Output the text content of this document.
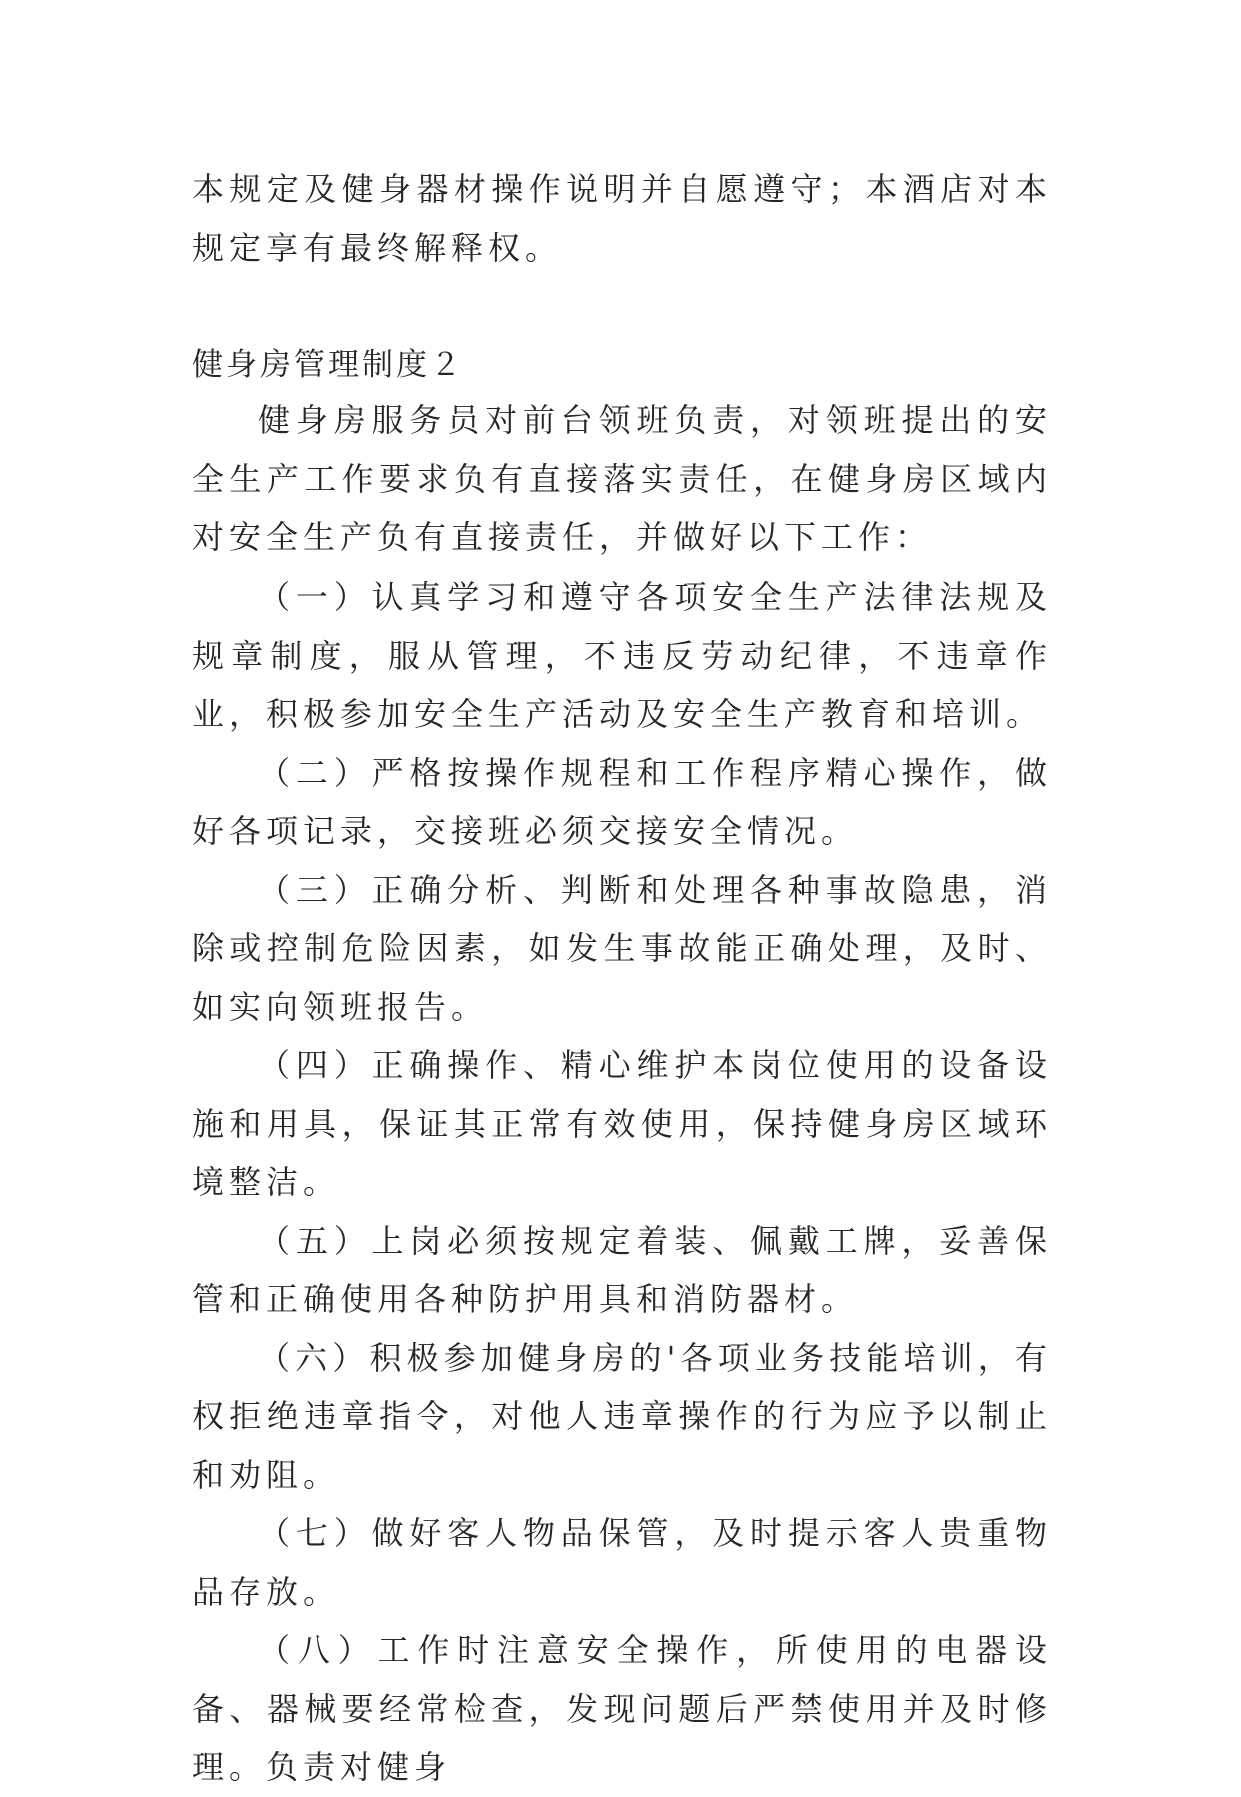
本规定及健身器材操作说明并自愿遵守；本酒店对本规定享有最终解释权。

健身房管理制度２

健身房服务员对前台领班负责，对领班提出的安全生产工作要求负有直接落实责任，在健身房区域内对安全生产负有直接责任，并做好以下工作：

（一）认真学习和遵守各项安全生产法律法规及规章制度，服从管理，不违反劳动纪律，不违章作业，积极参加安全生产活动及安全生产教育和培训。

（二）严格按操作规程和工作程序精心操作，做好各项记录，交接班必须交接安全情况。

（三）正确分析、判断和处理各种事故隐患，消除或控制危险因素，如发生事故能正确处理，及时、如实向领班报告。

（四）正确操作、精心维护本岗位使用的设备设施和用具，保证其正常有效使用，保持健身房区域环境整洁。

（五）上岗必须按规定着装、佩戴工牌，妥善保管和正确使用各种防护用具和消防器材。

（六）积极参加健身房的'各项业务技能培训，有权拒绝违章指令，对他人违章操作的行为应予以制止和劝阻。

（七）做好客人物品保管，及时提示客人贵重物品存放。

（八）工作时注意安全操作，所使用的电器设备、器械要经常检查，发现问题后严禁使用并及时修理。负责对健身
